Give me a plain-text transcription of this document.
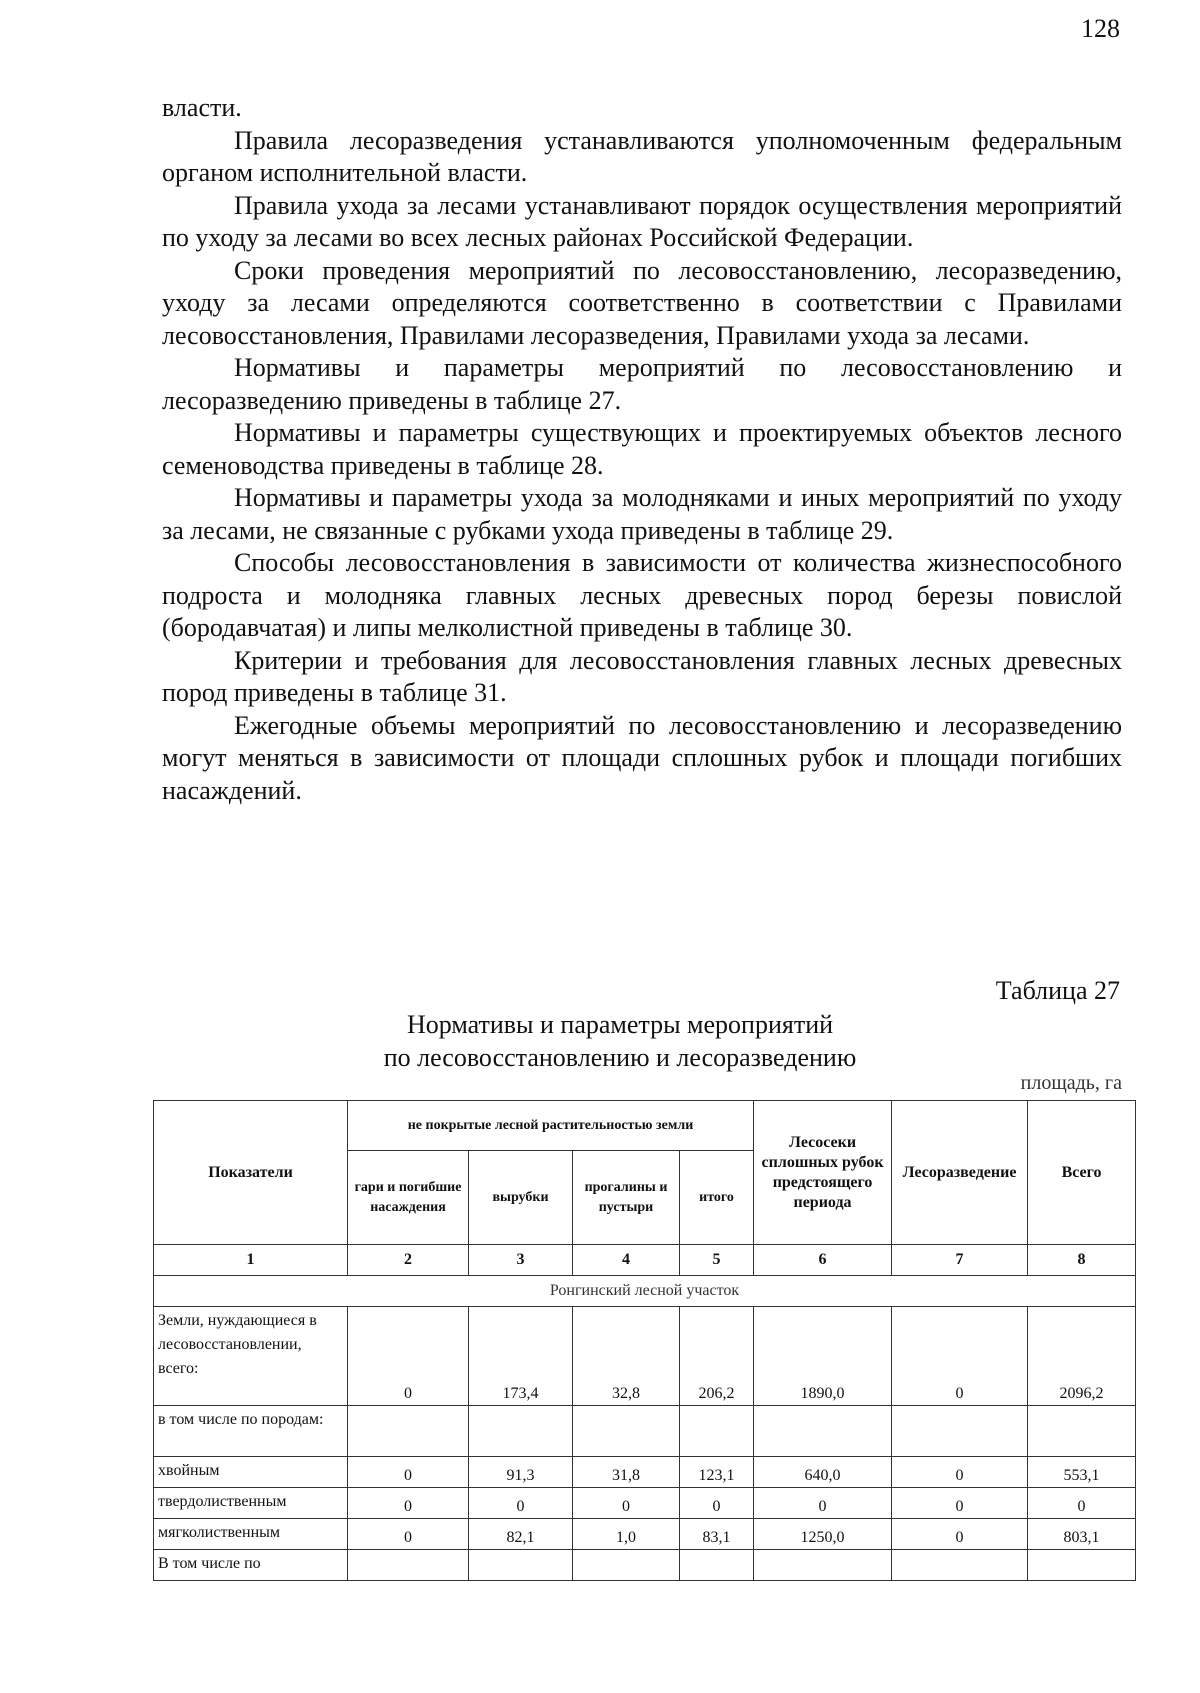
128

власти.

Правила лесоразведения устанавливаются уполномоченным федеральным органом исполнительной власти.

Правила ухода за лесами устанавливают порядок осуществления мероприятий по уходу за лесами во всех лесных районах Российской Федерации.

Сроки проведения мероприятий по лесовосстановлению, лесоразведению, уходу за лесами определяются соответственно в соответствии с Правилами лесовосстановления, Правилами лесоразведения, Правилами ухода за лесами.

Нормативы и параметры мероприятий по лесовосстановлению и лесоразведению приведены в таблице 27.

Нормативы и параметры существующих и проектируемых объектов лесного семеноводства приведены в таблице 28.

Нормативы и параметры ухода за молодняками и иных мероприятий по уходу за лесами, не связанные с рубками ухода приведены в таблице 29.

Способы лесовосстановления в зависимости от количества жизнеспособного подроста и молодняка главных лесных древесных пород березы повислой (бородавчатая) и липы мелколистной приведены в таблице 30.

Критерии и требования для лесовосстановления главных лесных древесных пород приведены в таблице 31.

Ежегодные объемы мероприятий по лесовосстановлению и лесоразведению могут меняться в зависимости от площади сплошных рубок и площади погибших насаждений.

Таблица 27
Нормативы и параметры мероприятий
по лесовосстановлению и лесоразведению
площадь, га
Показатели	не покрытые лесной растительностью земли				Лесосеки сплошных рубок предстоящего периода	Лесоразведение	Всего
	гари и погибшие насаждения	вырубки	прогалины и пустыри	итого			
1	2	3	4	5	6	7	8
Ронгинский лесной участок							
Земли, нуждающиеся в лесовосстановлении, всего:	0	173,4	32,8	206,2	1890,0	0	2096,2
в том числе по породам:							
хвойным	0	91,3	31,8	123,1	640,0	0	553,1
твердолиственным	0	0	0	0	0	0	0
мягколиственным	0	82,1	1,0	83,1	1250,0	0	803,1
В том числе по							
